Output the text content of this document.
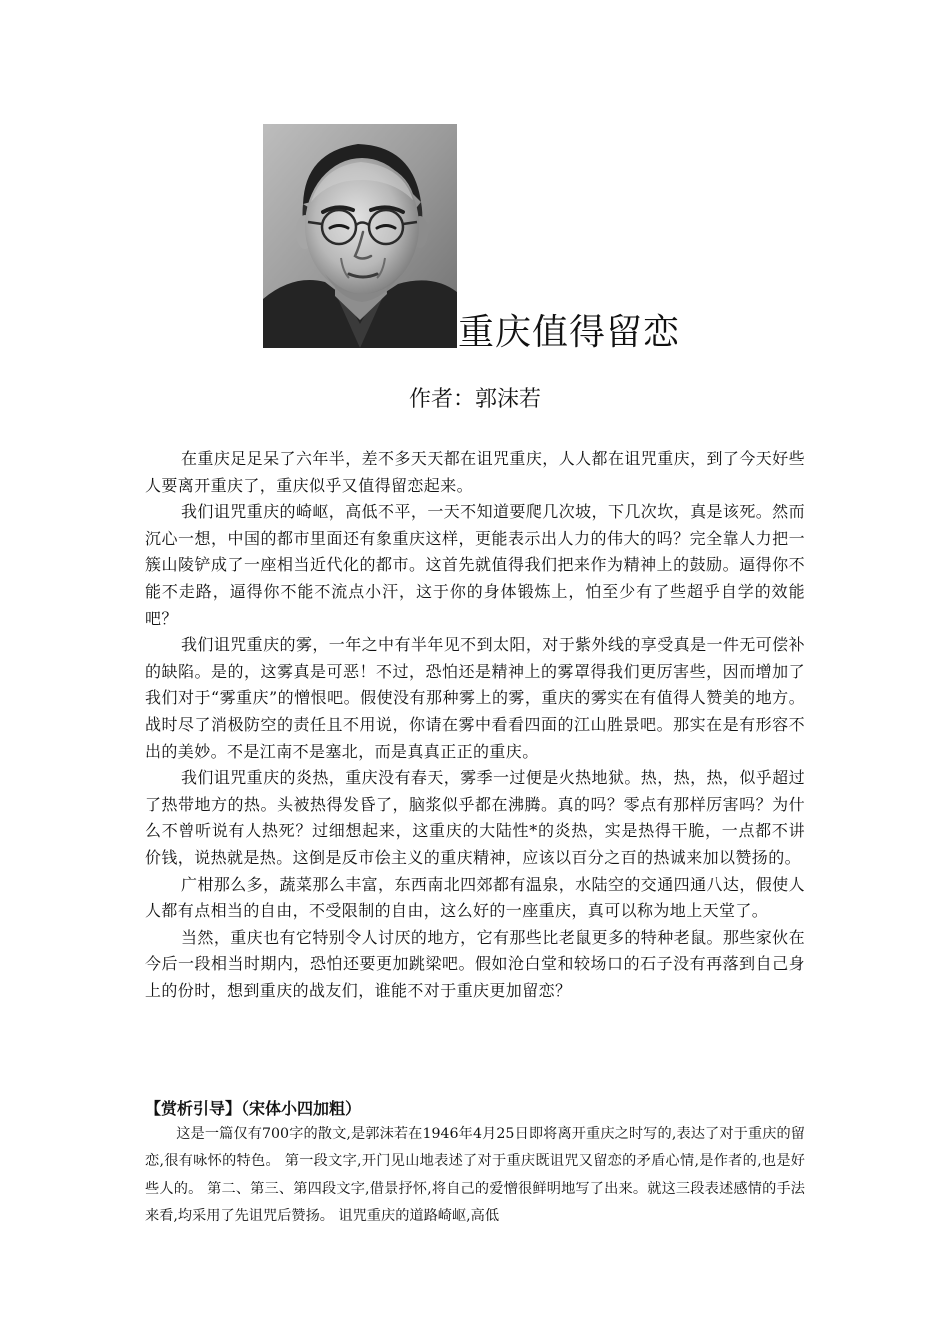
重庆值得留恋
作者：郭沫若

在重庆足足呆了六年半，差不多天天都在诅咒重庆，人人都在诅咒重庆，到了今天好些人要离开重庆了，重庆似乎又值得留恋起来。

我们诅咒重庆的崎岖，高低不平，一天不知道要爬几次坡，下几次坎，真是该死。然而沉心一想，中国的都市里面还有象重庆这样，更能表示出人力的伟大的吗？完全靠人力把一簇山陵铲成了一座相当近代化的都市。这首先就值得我们把来作为精神上的鼓励。逼得你不能不走路，逼得你不能不流点小汗，这于你的身体锻炼上，怕至少有了些超乎自学的效能吧？

我们诅咒重庆的雾，一年之中有半年见不到太阳，对于紫外线的享受真是一件无可偿补的缺陷。是的，这雾真是可恶！不过，恐怕还是精神上的雾罩得我们更厉害些，因而增加了我们对于“雾重庆”的憎恨吧。假使没有那种雾上的雾，重庆的雾实在有值得人赞美的地方。战时尽了消极防空的责任且不用说，你请在雾中看看四面的江山胜景吧。那实在是有形容不出的美妙。不是江南不是塞北，而是真真正正的重庆。

我们诅咒重庆的炎热，重庆没有春天，雾季一过便是火热地狱。热，热，热，似乎超过了热带地方的热。头被热得发昏了，脑浆似乎都在沸腾。真的吗？零点有那样厉害吗？为什么不曾听说有人热死？过细想起来，这重庆的大陆性*的炎热，实是热得干脆，一点都不讲价钱，说热就是热。这倒是反市侩主义的重庆精神，应该以百分之百的热诚来加以赞扬的。

广柑那么多，蔬菜那么丰富，东西南北四郊都有温泉，水陆空的交通四通八达，假使人人都有点相当的自由，不受限制的自由，这么好的一座重庆，真可以称为地上天堂了。

当然，重庆也有它特别令人讨厌的地方，它有那些比老鼠更多的特种老鼠。那些家伙在今后一段相当时期内，恐怕还要更加跳梁吧。假如沧白堂和较场口的石子没有再落到自己身上的份时，想到重庆的战友们，谁能不对于重庆更加留恋？

【赏析引导】（宋体小四加粗）

这是一篇仅有700字的散文,是郭沫若在1946年4月25日即将离开重庆之时写的,表达了对于重庆的留恋,很有咏怀的特色。 第一段文字,开门见山地表述了对于重庆既诅咒又留恋的矛盾心情,是作者的,也是好些人的。 第二、第三、第四段文字,借景抒怀,将自己的爱憎很鲜明地写了出来。就这三段表述感情的手法来看,均采用了先诅咒后赞扬。 诅咒重庆的道路崎岖,高低
